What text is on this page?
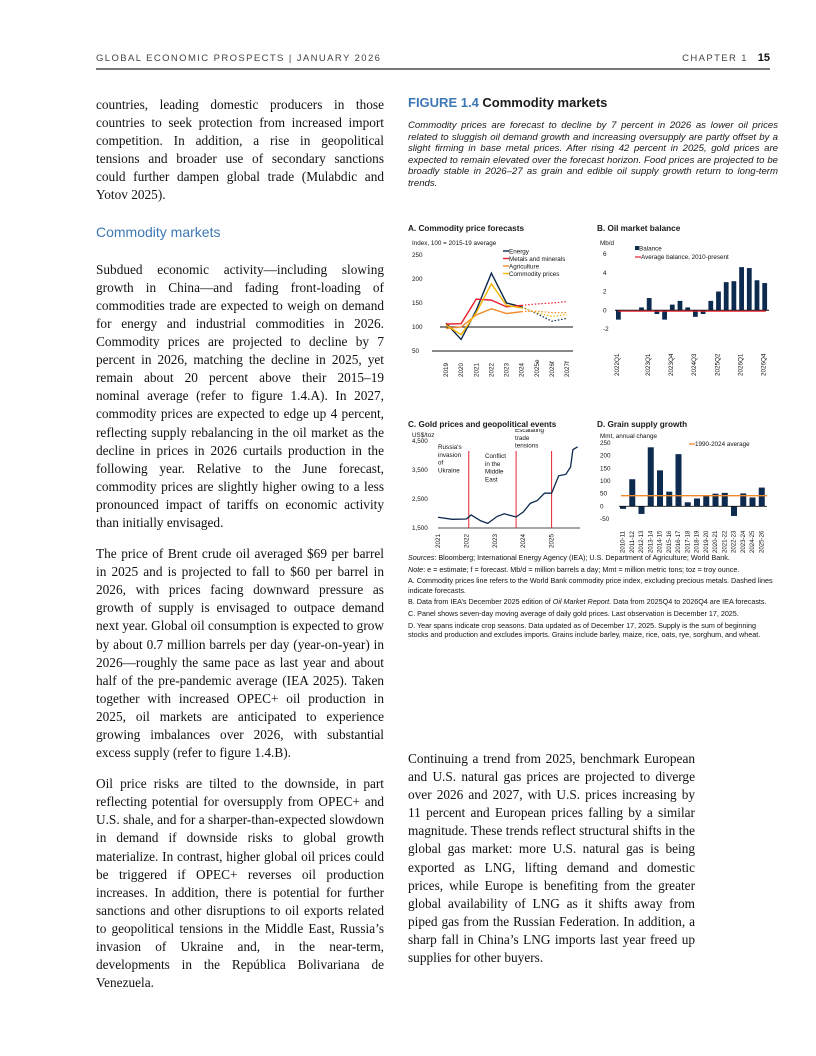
GLOBAL ECONOMIC PROSPECTS | JANUARY 2026	CHAPTER 1 15

countries, leading domestic producers in those countries to seek protection from increased import competition. In addition, a rise in geopolitical tensions and broader use of secondary sanctions could further dampen global trade (Mulabdic and Yotov 2025).

Commodity markets

Subdued economic activity—including slowing growth in China—and fading front-loading of commodities trade are expected to weigh on demand for energy and industrial commodities in 2026. Commodity prices are projected to decline by 7 percent in 2026, matching the decline in 2025, yet remain about 20 percent above their 2015–19 nominal average (refer to figure 1.4.A). In 2027, commodity prices are expected to edge up 4 percent, reflecting supply rebalancing in the oil market as the decline in prices in 2026 curtails production in the following year. Relative to the June forecast, commodity prices are slightly higher owing to a less pronounced impact of tariffs on economic activity than initially envisaged.

The price of Brent crude oil averaged $69 per barrel in 2025 and is projected to fall to $60 per barrel in 2026, with prices facing downward pressure as growth of supply is envisaged to outpace demand next year. Global oil consumption is expected to grow by about 0.7 million barrels per day (year-on-year) in 2026—roughly the same pace as last year and about half of the pre-pandemic average (IEA 2025). Taken together with increased OPEC+ oil production in 2025, oil markets are anticipated to experience growing imbalances over 2026, with substantial excess supply (refer to figure 1.4.B).

Oil price risks are tilted to the downside, in part reflecting potential for oversupply from OPEC+ and U.S. shale, and for a sharper-than-expected slowdown in demand if downside risks to global growth materialize. In contrast, higher global oil prices could be triggered if OPEC+ reverses oil production increases. In addition, there is potential for further sanctions and other disruptions to oil exports related to geopolitical tensions in the Middle East, Russia’s invasion of Ukraine and, in the near-term, developments in the República Bolivariana de Venezuela.

FIGURE 1.4 Commodity markets
Commodity prices are forecast to decline by 7 percent in 2026 as lower oil prices related to sluggish oil demand growth and increasing oversupply are partly offset by a slight firming in base metal prices. After rising 42 percent in 2025, gold prices are expected to remain elevated over the forecast horizon. Food prices are projected to be broadly stable in 2026–27 as grain and edible oil supply growth return to long-term trends.
A. Commodity price forecasts
Index, 100 = 2015-19 average
50
100
150
200
250
2019 2020 2021 2022 2023 2024 2025e 2026f 2027f
Energy
Metals and minerals
Agriculture
Commodity prices
B. Oil market balance
Mb/d
-2
0
2
4
6
2022Q1	2023Q1	2023Q4	2024Q3	2025Q2	2026Q1	2026Q4
Balance
Average balance, 2010-present
C. Gold prices and geopolitical events
US$/toz
1,500
2,500
3,500
4,500
Russia's
invasion
of
Ukraine
Conflict
in the
Middle
East
Escalating
trade
tensions
2021	2022	2023	2024	2025
D. Grain supply growth
Mmt, annual change
-50
0
50
100
150
200
250
2010-11 2011-12 2012-13 2013-14 2014-15 2015-16 2016-17 2017-18 2018-19 2019-20 2020-21 2021-22 2022-23 2023-24 2024-25 2025-26
1990-2024 average

Sources: Bloomberg; International Energy Agency (IEA); U.S. Department of Agriculture; World Bank.

Note: e = estimate; f = forecast. Mb/d = million barrels a day; Mmt = million metric tons; toz = troy ounce.

A. Commodity prices line refers to the World Bank commodity price index, excluding precious metals. Dashed lines indicate forecasts.

B. Data from IEA’s December 2025 edition of Oil Market Report. Data from 2025Q4 to 2026Q4 are IEA forecasts.

C. Panel shows seven-day moving average of daily gold prices. Last observation is December 17, 2025.

D. Year spans indicate crop seasons. Data updated as of December 17, 2025. Supply is the sum of beginning stocks and production and excludes imports. Grains include barley, maize, rice, oats, rye, sorghum, and wheat.

Continuing a trend from 2025, benchmark European and U.S. natural gas prices are projected to diverge over 2026 and 2027, with U.S. prices increasing by 11 percent and European prices falling by a similar magnitude. These trends reflect structural shifts in the global gas market: more U.S. natural gas is being exported as LNG, lifting demand and domestic prices, while Europe is benefiting from the greater global availability of LNG as it shifts away from piped gas from the Russian Federation. In addition, a sharp fall in China’s LNG imports last year freed up supplies for other buyers.
